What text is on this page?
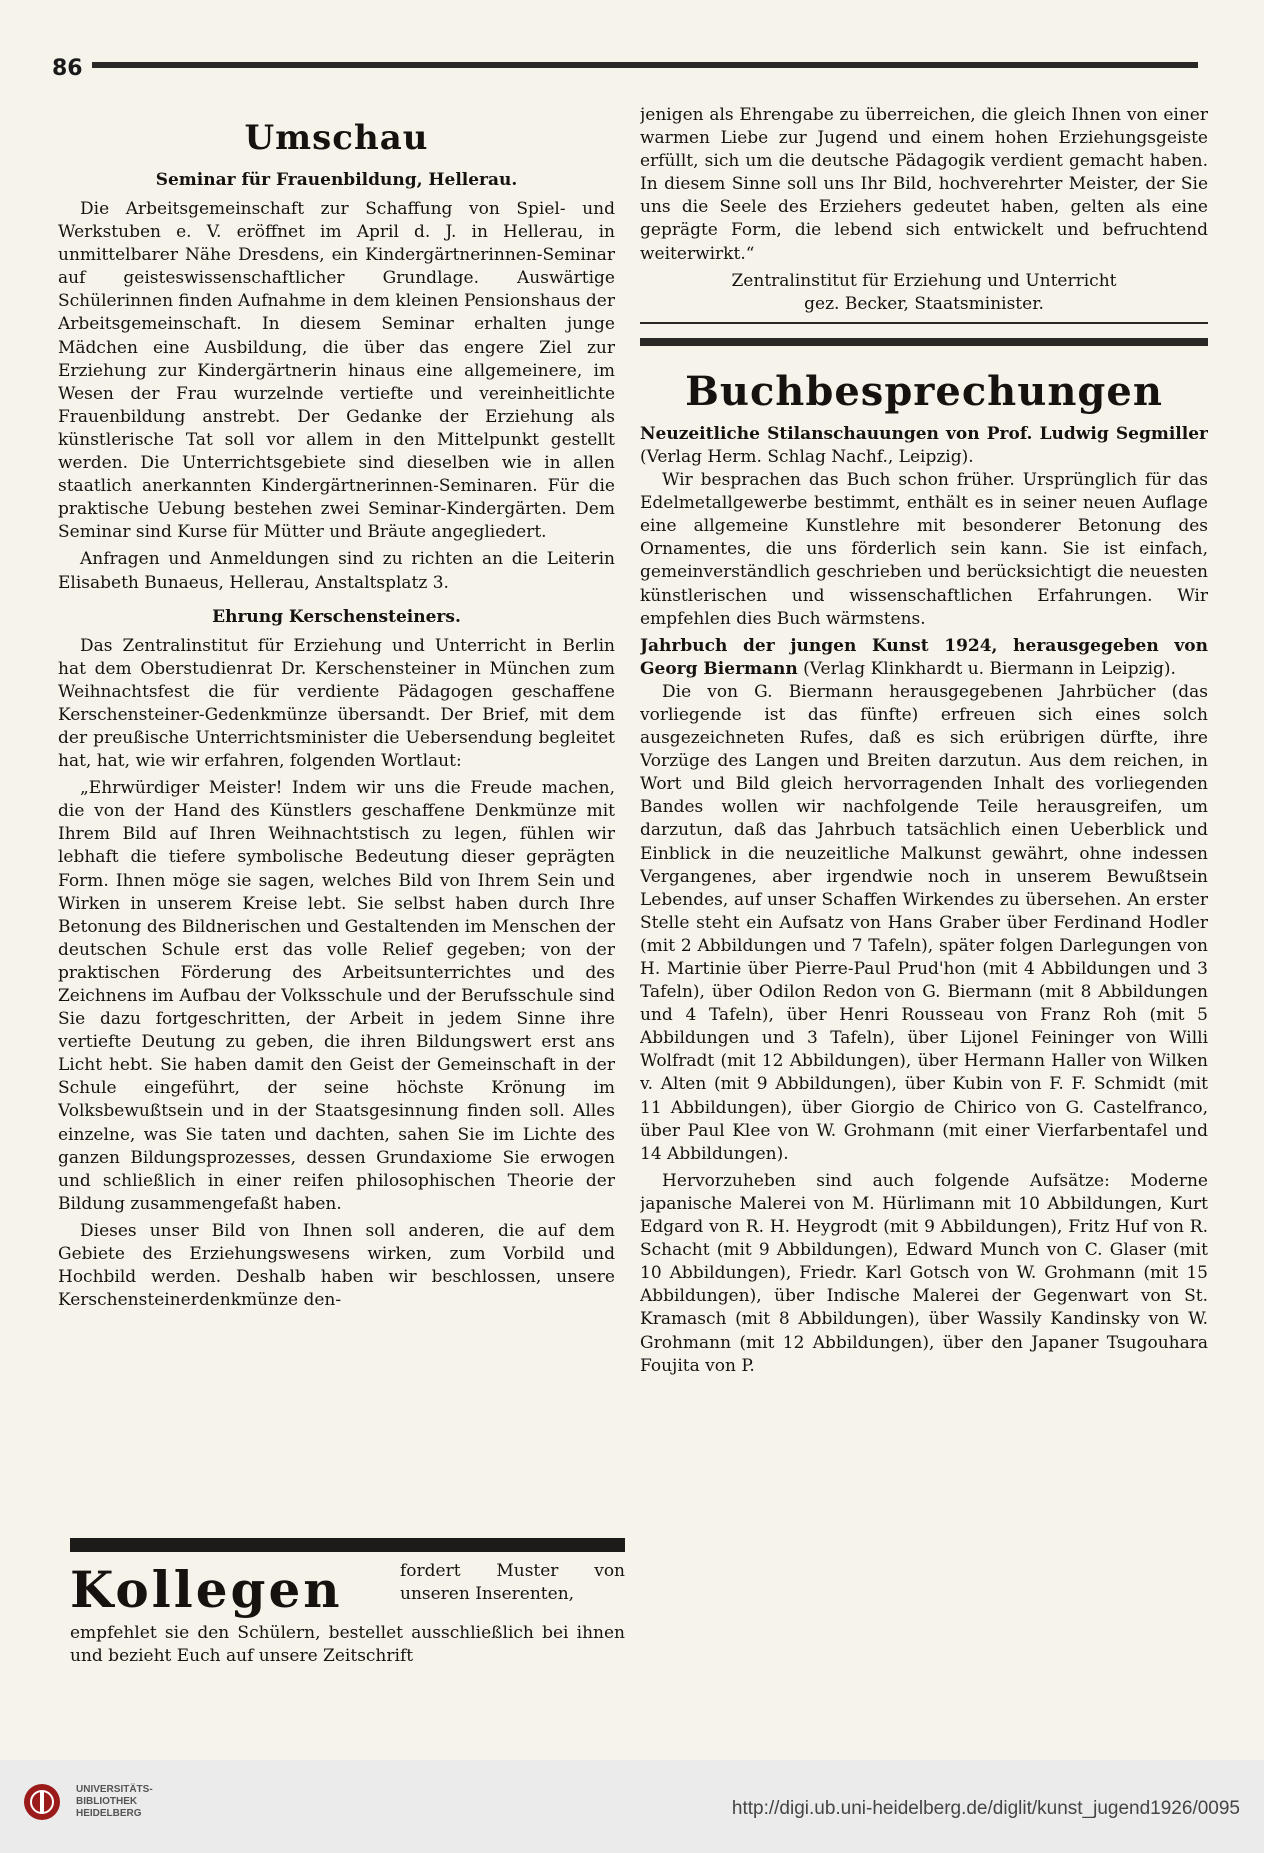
86
Umschau
Seminar für Frauenbildung, Hellerau.

Die Arbeitsgemeinschaft zur Schaffung von Spiel- und Werkstuben e. V. eröffnet im April d. J. in Hellerau, in unmittelbarer Nähe Dresdens, ein Kindergärtnerinnen-Seminar auf geisteswissenschaftlicher Grundlage. Auswärtige Schülerinnen finden Aufnahme in dem kleinen Pensionshaus der Arbeitsgemeinschaft. In diesem Seminar erhalten junge Mädchen eine Ausbildung, die über das engere Ziel zur Erziehung zur Kindergärtnerin hinaus eine allgemeinere, im Wesen der Frau wurzelnde vertiefte und vereinheitlichte Frauenbildung anstrebt. Der Gedanke der Erziehung als künstlerische Tat soll vor allem in den Mittelpunkt gestellt werden. Die Unterrichtsgebiete sind dieselben wie in allen staatlich anerkannten Kindergärtnerinnen-Seminaren. Für die praktische Uebung bestehen zwei Seminar-Kindergärten. Dem Seminar sind Kurse für Mütter und Bräute angegliedert.

Anfragen und Anmeldungen sind zu richten an die Leiterin Elisabeth Bunaeus, Hellerau, Anstaltsplatz 3.

Ehrung Kerschensteiners.

Das Zentralinstitut für Erziehung und Unterricht in Berlin hat dem Oberstudienrat Dr. Kerschensteiner in München zum Weihnachtsfest die für verdiente Pädagogen geschaffene Kerschensteiner-Gedenkmünze übersandt. Der Brief, mit dem der preußische Unterrichtsminister die Uebersendung begleitet hat, hat, wie wir erfahren, folgenden Wortlaut:

„Ehrwürdiger Meister! Indem wir uns die Freude machen, die von der Hand des Künstlers geschaffene Denkmünze mit Ihrem Bild auf Ihren Weihnachtstisch zu legen, fühlen wir lebhaft die tiefere symbolische Bedeutung dieser geprägten Form. Ihnen möge sie sagen, welches Bild von Ihrem Sein und Wirken in unserem Kreise lebt. Sie selbst haben durch Ihre Betonung des Bildnerischen und Gestaltenden im Menschen der deutschen Schule erst das volle Relief gegeben; von der praktischen Förderung des Arbeitsunterrichtes und des Zeichnens im Aufbau der Volksschule und der Berufsschule sind Sie dazu fortgeschritten, der Arbeit in jedem Sinne ihre vertiefte Deutung zu geben, die ihren Bildungswert erst ans Licht hebt. Sie haben damit den Geist der Gemeinschaft in der Schule eingeführt, der seine höchste Krönung im Volksbewußtsein und in der Staatsgesinnung finden soll. Alles einzelne, was Sie taten und dachten, sahen Sie im Lichte des ganzen Bildungsprozesses, dessen Grundaxiome Sie erwogen und schließlich in einer reifen philosophischen Theorie der Bildung zusammengefaßt haben.

Dieses unser Bild von Ihnen soll anderen, die auf dem Gebiete des Erziehungswesens wirken, zum Vorbild und Hochbild werden. Deshalb haben wir beschlossen, unsere Kerschensteinerdenkmünze den-

Kollegen	fordert Muster von unseren Inserenten,
empfehlet sie den Schülern, bestellet ausschließlich bei ihnen und bezieht Euch auf unsere Zeitschrift

jenigen als Ehrengabe zu überreichen, die gleich Ihnen von einer warmen Liebe zur Jugend und einem hohen Erziehungsgeiste erfüllt, sich um die deutsche Pädagogik verdient gemacht haben. In diesem Sinne soll uns Ihr Bild, hochverehrter Meister, der Sie uns die Seele des Erziehers gedeutet haben, gelten als eine geprägte Form, die lebend sich entwickelt und befruchtend weiterwirkt.“

Zentralinstitut für Erziehung und Unterricht
gez. Becker, Staatsminister.
Buchbesprechungen

Neuzeitliche Stilanschauungen von Prof. Ludwig Segmiller (Verlag Herm. Schlag Nachf., Leipzig).

Wir besprachen das Buch schon früher. Ursprünglich für das Edelmetallgewerbe bestimmt, enthält es in seiner neuen Auflage eine allgemeine Kunstlehre mit besonderer Betonung des Ornamentes, die uns förderlich sein kann. Sie ist einfach, gemeinverständlich geschrieben und berücksichtigt die neuesten künstlerischen und wissenschaftlichen Erfahrungen. Wir empfehlen dies Buch wärmstens.

Jahrbuch der jungen Kunst 1924, herausgegeben von Georg Biermann (Verlag Klinkhardt u. Biermann in Leipzig).

Die von G. Biermann herausgegebenen Jahrbücher (das vorliegende ist das fünfte) erfreuen sich eines solch ausgezeichneten Rufes, daß es sich erübrigen dürfte, ihre Vorzüge des Langen und Breiten darzutun. Aus dem reichen, in Wort und Bild gleich hervorragenden Inhalt des vorliegenden Bandes wollen wir nachfolgende Teile herausgreifen, um darzutun, daß das Jahrbuch tatsächlich einen Ueberblick und Einblick in die neuzeitliche Malkunst gewährt, ohne indessen Vergangenes, aber irgendwie noch in unserem Bewußtsein Lebendes, auf unser Schaffen Wirkendes zu übersehen. An erster Stelle steht ein Aufsatz von Hans Graber über Ferdinand Hodler (mit 2 Abbildungen und 7 Tafeln), später folgen Darlegungen von H. Martinie über Pierre-Paul Prud'hon (mit 4 Abbildungen und 3 Tafeln), über Odilon Redon von G. Biermann (mit 8 Abbildungen und 4 Tafeln), über Henri Rousseau von Franz Roh (mit 5 Abbildungen und 3 Tafeln), über Lijonel Feininger von Willi Wolfradt (mit 12 Abbildungen), über Hermann Haller von Wilken v. Alten (mit 9 Abbildungen), über Kubin von F. F. Schmidt (mit 11 Abbildungen), über Giorgio de Chirico von G. Castelfranco, über Paul Klee von W. Grohmann (mit einer Vierfarbentafel und 14 Abbildungen).

Hervorzuheben sind auch folgende Aufsätze: Moderne japanische Malerei von M. Hürlimann mit 10 Abbildungen, Kurt Edgard von R. H. Heygrodt (mit 9 Abbildungen), Fritz Huf von R. Schacht (mit 9 Abbildungen), Edward Munch von C. Glaser (mit 10 Abbildungen), Friedr. Karl Gotsch von W. Grohmann (mit 15 Abbildungen), über Indische Malerei der Gegenwart von St. Kramasch (mit 8 Abbildungen), über Wassily Kandinsky von W. Grohmann (mit 12 Abbildungen), über den Japaner Tsugouhara Foujita von P.

UNIVERSITÄTS-
BIBLIOTHEK
HEIDELBERG	http://digi.ub.uni-heidelberg.de/diglit/kunst_jugend1926/0095
